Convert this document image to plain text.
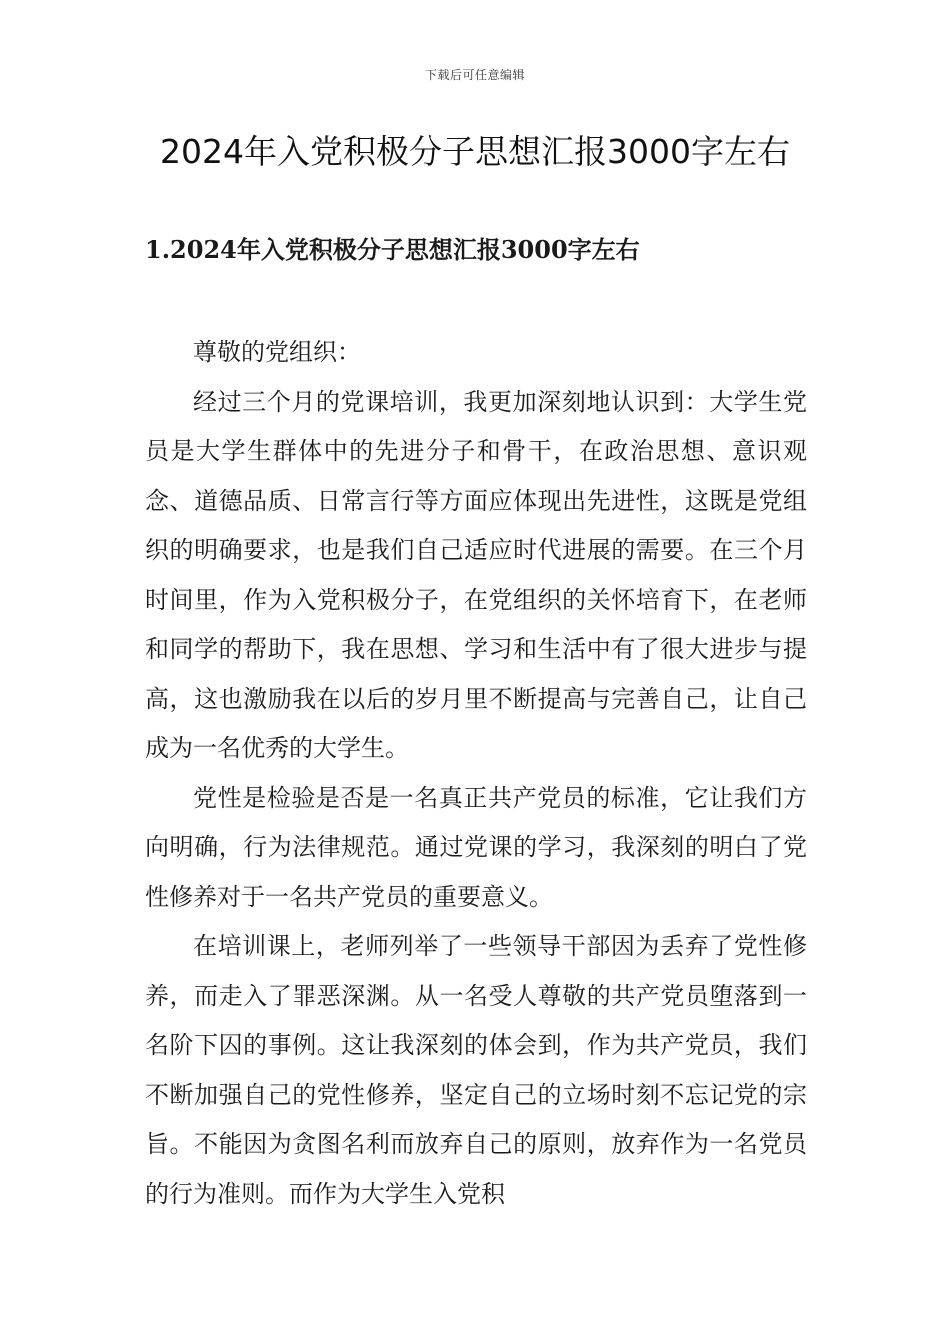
下载后可任意编辑
2024年入党积极分子思想汇报3000字左右
1.2024年入党积极分子思想汇报3000字左右

尊敬的党组织：

经过三个月的党课培训，我更加深刻地认识到：大学生党员是大学生群体中的先进分子和骨干，在政治思想、意识观念、道德品质、日常言行等方面应体现出先进性，这既是党组织的明确要求，也是我们自己适应时代进展的需要。在三个月时间里，作为入党积极分子，在党组织的关怀培育下，在老师和同学的帮助下，我在思想、学习和生活中有了很大进步与提高，这也激励我在以后的岁月里不断提高与完善自己，让自己成为一名优秀的大学生。

党性是检验是否是一名真正共产党员的标准，它让我们方向明确，行为法律规范。通过党课的学习，我深刻的明白了党性修养对于一名共产党员的重要意义。

在培训课上，老师列举了一些领导干部因为丢弃了党性修养，而走入了罪恶深渊。从一名受人尊敬的共产党员堕落到一名阶下囚的事例。这让我深刻的体会到，作为共产党员，我们不断加强自己的党性修养，坚定自己的立场时刻不忘记党的宗旨。不能因为贪图名利而放弃自己的原则，放弃作为一名党员的行为准则。而作为大学生入党积
